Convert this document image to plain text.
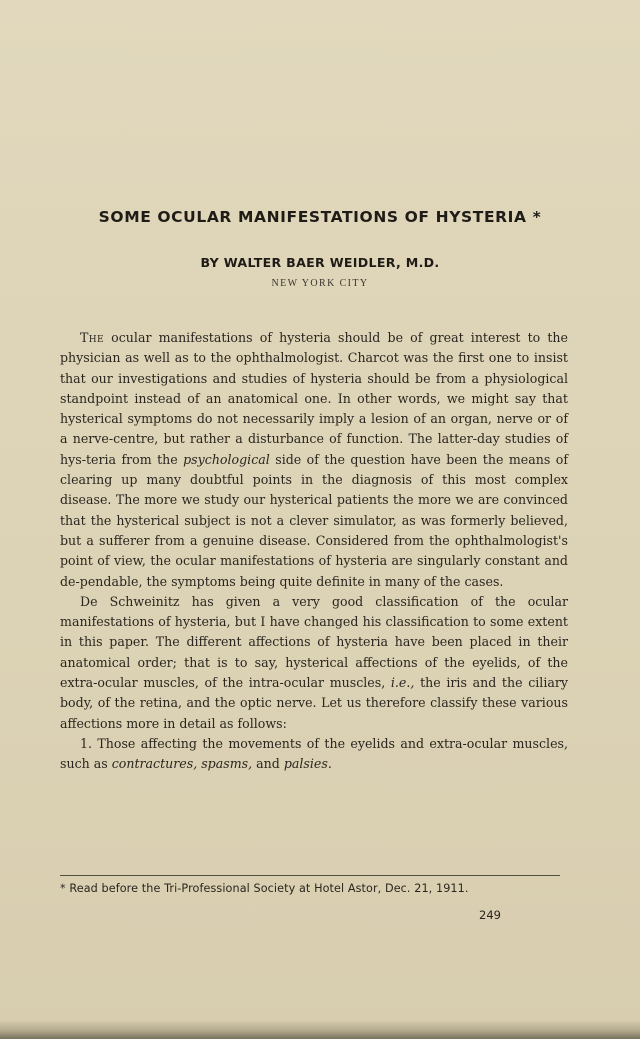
SOME OCULAR MANIFESTATIONS OF HYSTERIA *
BY WALTER BAER WEIDLER, M.D.
NEW YORK CITY

The ocular manifestations of hysteria should be of great interest to the physician as well as to the ophthalmologist. Charcot was the first one to insist that our investigations and studies of hysteria should be from a physiological standpoint instead of an anatomical one. In other words, we might say that hysterical symptoms do not necessarily imply a lesion of an organ, nerve or of a nerve-centre, but rather a disturbance of function. The latter-day studies of hys-teria from the psychological side of the question have been the means of clearing up many doubtful points in the diagnosis of this most complex disease. The more we study our hysterical patients the more we are convinced that the hysterical subject is not a clever simulator, as was formerly believed, but a sufferer from a genuine disease. Considered from the ophthalmologist's point of view, the ocular manifestations of hysteria are singularly constant and de-pendable, the symptoms being quite definite in many of the cases.

De Schweinitz has given a very good classification of the ocular manifestations of hysteria, but I have changed his classification to some extent in this paper. The different affections of hysteria have been placed in their anatomical order; that is to say, hysterical affections of the eyelids, of the extra-ocular muscles, of the intra-ocular muscles, i.e., the iris and the ciliary body, of the retina, and the optic nerve. Let us therefore classify these various affections more in detail as follows:

1. Those affecting the movements of the eyelids and extra-ocular muscles, such as contractures, spasms, and palsies.

* Read before the Tri-Professional Society at Hotel Astor, Dec. 21, 1911.
249
